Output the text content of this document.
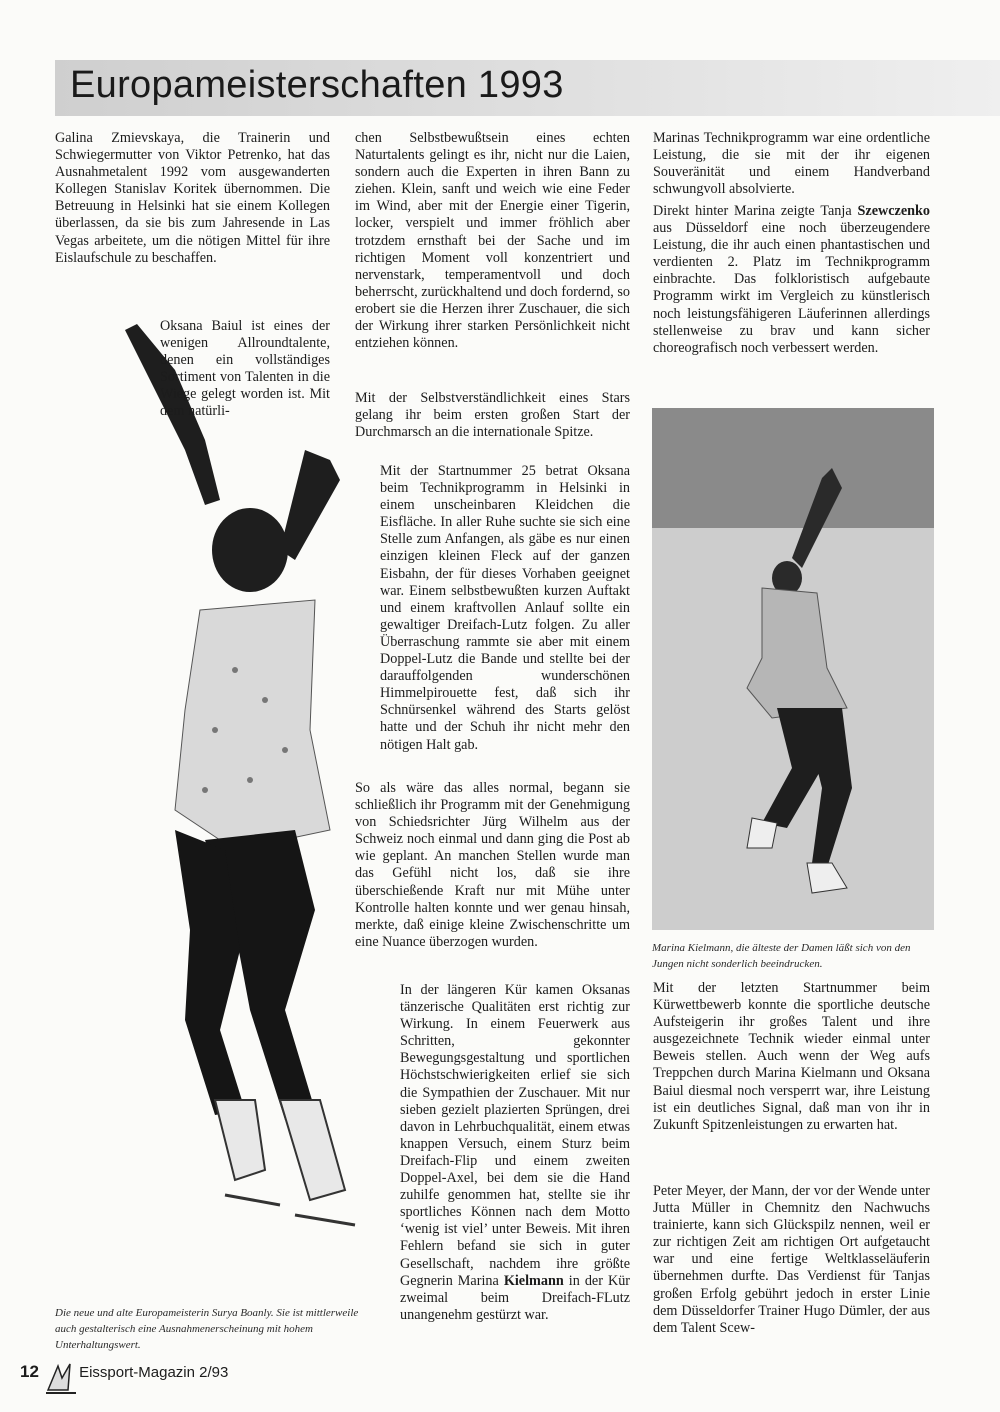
Europameisterschaften 1993

Galina Zmievskaya, die Trainerin und Schwiegermutter von Viktor Petrenko, hat das Ausnahmetalent 1992 vom ausgewanderten Kollegen Stanislav Koritek übernommen. Die Betreuung in Helsinki hat sie einem Kollegen überlassen, da sie bis zum Jahresende in Las Vegas arbeitete, um die nötigen Mittel für ihre Eislaufschule zu beschaffen.

Oksana Baiul ist eines der wenigen Allroundtalente, denen ein vollständiges Sortiment von Talenten in die Wiege gelegt worden ist. Mit dem natürli-

chen Selbstbewußtsein eines echten Naturtalents gelingt es ihr, nicht nur die Laien, sondern auch die Experten in ihren Bann zu ziehen. Klein, sanft und weich wie eine Feder im Wind, aber mit der Energie einer Tigerin, locker, verspielt und immer fröhlich aber trotzdem ernsthaft bei der Sache und im richtigen Moment voll konzentriert und nervenstark, temperamentvoll und doch beherrscht, zurückhaltend und doch fordernd, so erobert sie die Herzen ihrer Zuschauer, die sich der Wirkung ihrer starken Persönlichkeit nicht entziehen können.

Mit der Selbstverständlichkeit eines Stars gelang ihr beim ersten großen Start der Durchmarsch an die internationale Spitze.

Mit der Startnummer 25 betrat Oksana beim Technikprogramm in Helsinki in einem unscheinbaren Kleidchen die Eisfläche. In aller Ruhe suchte sie sich eine Stelle zum Anfangen, als gäbe es nur einen einzigen kleinen Fleck auf der ganzen Eisbahn, der für dieses Vorhaben geeignet war. Einem selbstbewußten kurzen Auftakt und einem kraftvollen Anlauf sollte ein gewaltiger Dreifach-Lutz folgen. Zu aller Überraschung rammte sie aber mit einem Doppel-Lutz die Bande und stellte bei der darauffolgenden wunderschönen Himmelpirouette fest, daß sich ihr Schnürsenkel während des Starts gelöst hatte und der Schuh ihr nicht mehr den nötigen Halt gab.

So als wäre das alles normal, begann sie schließlich ihr Programm mit der Genehmigung von Schiedsrichter Jürg Wilhelm aus der Schweiz noch einmal und dann ging die Post ab wie geplant. An manchen Stellen wurde man das Gefühl nicht los, daß sie ihre überschießende Kraft nur mit Mühe unter Kontrolle halten konnte und wer genau hinsah, merkte, daß einige kleine Zwischenschritte um eine Nuance überzogen wurden.

In der längeren Kür kamen Oksanas tänzerische Qualitäten erst richtig zur Wirkung. In einem Feuerwerk aus Schritten, gekonnter Bewegungsgestaltung und sportlichen Höchstschwierigkeiten erlief sie sich die Sympathien der Zuschauer. Mit nur sieben gezielt plazierten Sprüngen, drei davon in Lehrbuchqualität, einem etwas knappen Versuch, einem Sturz beim Dreifach-Flip und einem zweiten Doppel-Axel, bei dem sie die Hand zuhilfe genommen hat, stellte sie ihr sportliches Können nach dem Motto ‘wenig ist viel’ unter Beweis. Mit ihren Fehlern befand sie sich in guter Gesellschaft, nachdem ihre größte Gegnerin Marina Kielmann in der Kür zweimal beim Dreifach-FLutz unangenehm gestürzt war.

Marinas Technikprogramm war eine ordentliche Leistung, die sie mit der ihr eigenen Souveränität und einem Handverband schwungvoll absolvierte.

Direkt hinter Marina zeigte Tanja Szewczenko aus Düsseldorf eine noch überzeugendere Leistung, die ihr auch einen phantastischen und verdienten 2. Platz im Technikprogramm einbrachte. Das folkloristisch aufgebaute Programm wirkt im Vergleich zu künstlerisch noch leistungsfähigeren Läuferinnen allerdings stellenweise zu brav und kann sicher choreografisch noch verbessert werden.

Marina Kielmann, die älteste der Damen läßt sich von den Jungen nicht sonderlich beeindrucken.

Mit der letzten Startnummer beim Kürwettbewerb konnte die sportliche deutsche Aufsteigerin ihr großes Talent und ihre ausgezeichnete Technik wieder einmal unter Beweis stellen. Auch wenn der Weg aufs Treppchen durch Marina Kielmann und Oksana Baiul diesmal noch versperrt war, ihre Leistung ist ein deutliches Signal, daß man von ihr in Zukunft Spitzenleistungen zu erwarten hat.

Peter Meyer, der Mann, der vor der Wende unter Jutta Müller in Chemnitz den Nachwuchs trainierte, kann sich Glückspilz nennen, weil er zur richtigen Zeit am richtigen Ort aufgetaucht war und eine fertige Weltklasseläuferin übernehmen durfte. Das Verdienst für Tanjas großen Erfolg gebührt jedoch in erster Linie dem Düsseldorfer Trainer Hugo Dümler, der aus dem Talent Scew-

Die neue und alte Europameisterin Surya Boanly. Sie ist mittlerweile auch gestalterisch eine Ausnahmenerscheinung mit hohem Unterhaltungswert.
12	Eissport-Magazin 2/93
